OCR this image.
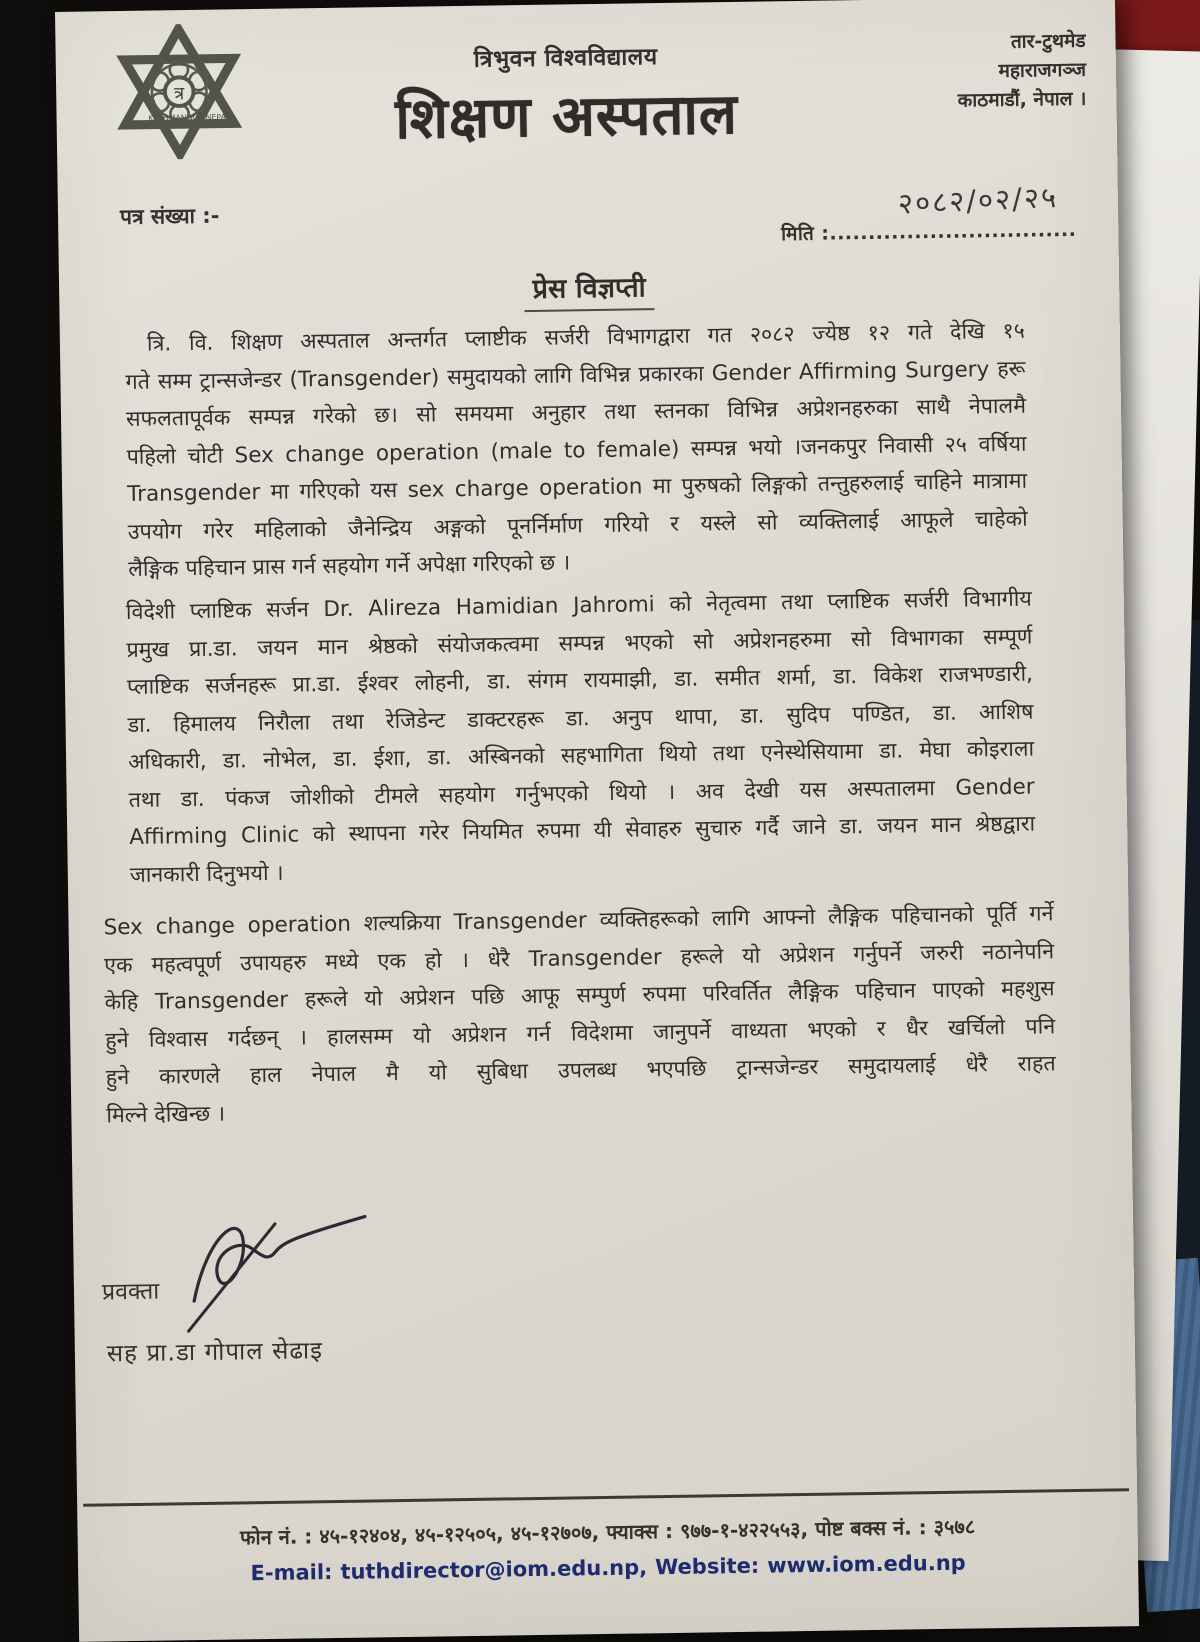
त्र
KATHMANDU NEPAL
त्रिभुवन विश्वविद्यालय
शिक्षण अस्पताल
तार-टुथमेड
महाराजगञ्ज
काठमाडौं, नेपाल ।
पत्र संख्या :-	२०८२/०२/२५
मिति :................................
प्रेस विज्ञप्ती
त्रि. वि. शिक्षण अस्पताल अन्तर्गत प्लाष्टीक सर्जरी विभागद्वारा गत २०८२ ज्येष्ठ १२ गते देखि १५
गते सम्म ट्रान्सजेन्डर (Transgender) समुदायको लागि विभिन्न प्रकारका Gender Affirming Surgery हरू
सफलतापूर्वक सम्पन्न गरेको छ। सो समयमा अनुहार तथा स्तनका विभिन्न अप्रेशनहरुका साथै नेपालमै
पहिलो चोटी Sex change operation (male to female) सम्पन्न भयो ।जनकपुर निवासी २५ वर्षिया
Transgender मा गरिएको यस sex charge operation मा पुरुषको लिङ्गको तन्तुहरुलाई चाहिने मात्रामा
उपयोग गरेर महिलाको जैनेन्द्रिय अङ्गको पूनर्निर्माण गरियो र यस्ले सो व्यक्तिलाई आफूले चाहेको
लैङ्गिक पहिचान प्रास गर्न सहयोग गर्ने अपेक्षा गरिएको छ ।
विदेशी प्लाष्टिक सर्जन Dr. Alireza Hamidian Jahromi को नेतृत्वमा तथा प्लाष्टिक सर्जरी विभागीय
प्रमुख प्रा.डा. जयन मान श्रेष्ठको संयोजकत्वमा सम्पन्न भएको सो अप्रेशनहरुमा सो विभागका सम्पूर्ण
प्लाष्टिक सर्जनहरू प्रा.डा. ईश्वर लोहनी, डा. संगम रायमाझी, डा. समीत शर्मा, डा. विकेश राजभण्डारी,
डा. हिमालय निरौला तथा रेजिडेन्ट डाक्टरहरू डा. अनुप थापा, डा. सुदिप पण्डित, डा. आशिष
अधिकारी, डा. नोभेल, डा. ईशा, डा. अस्बिनको सहभागिता थियो तथा एनेस्थेसियामा डा. मेघा कोइराला
तथा डा. पंकज जोशीको टीमले सहयोग गर्नुभएको थियो । अव देखी यस अस्पतालमा Gender
Affirming Clinic को स्थापना गरेर नियमित रुपमा यी सेवाहरु सुचारु गर्दै जाने डा. जयन मान श्रेष्ठद्वारा
जानकारी दिनुभयो ।
Sex change operation शल्यक्रिया Transgender व्यक्तिहरूको लागि आफ्नो लैङ्गिक पहिचानको पूर्ति गर्ने
एक महत्वपूर्ण उपायहरु मध्ये एक हो । धेरै Transgender हरूले यो अप्रेशन गर्नुपर्ने जरुरी नठानेपनि
केहि Transgender हरूले यो अप्रेशन पछि आफू सम्पुर्ण रुपमा परिवर्तित लैङ्गिक पहिचान पाएको महशुस
हुने विश्वास गर्दछन् । हालसम्म यो अप्रेशन गर्न विदेशमा जानुपर्ने वाध्यता भएको र धैर खर्चिलो पनि
हुने कारणले हाल नेपाल मै यो सुबिधा उपलब्ध भएपछि ट्रान्सजेन्डर समुदायलाई धेरै राहत
मिल्ने देखिन्छ ।
प्रवक्ता
सह प्रा.डा गोपाल सेढाइ
फोन नं. : ४५-१२४०४, ४५-१२५०५, ४५-१२७०७, फ्याक्स : ९७७-१-४२२५५३, पोष्ट बक्स नं. : ३५७८
E-mail: tuthdirector@iom.edu.np, Website: www.iom.edu.np
